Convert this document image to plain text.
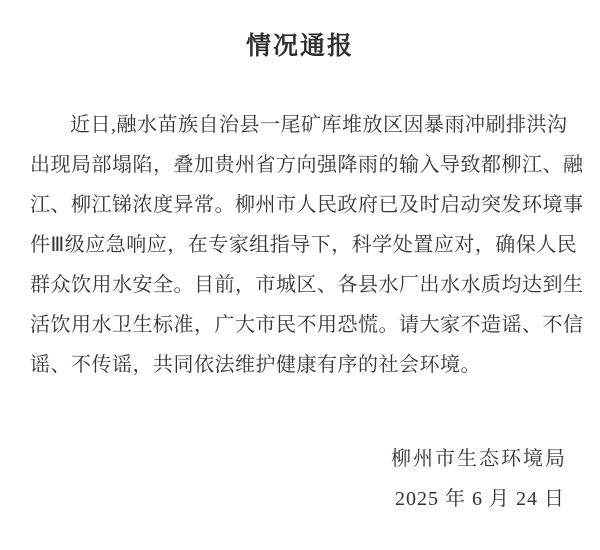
情况通报
近日,融水苗族自治县一尾矿库堆放区因暴雨冲刷排洪沟
出现局部塌陷，叠加贵州省方向强降雨的输入导致都柳江、融
江、柳江锑浓度异常。柳州市人民政府已及时启动突发环境事
件Ⅲ级应急响应，在专家组指导下，科学处置应对，确保人民
群众饮用水安全。目前，市城区、各县水厂出水水质均达到生
活饮用水卫生标准，广大市民不用恐慌。请大家不造谣、不信
谣、不传谣，共同依法维护健康有序的社会环境。
柳州市生态环境局
2025 年 6 月 24 日
